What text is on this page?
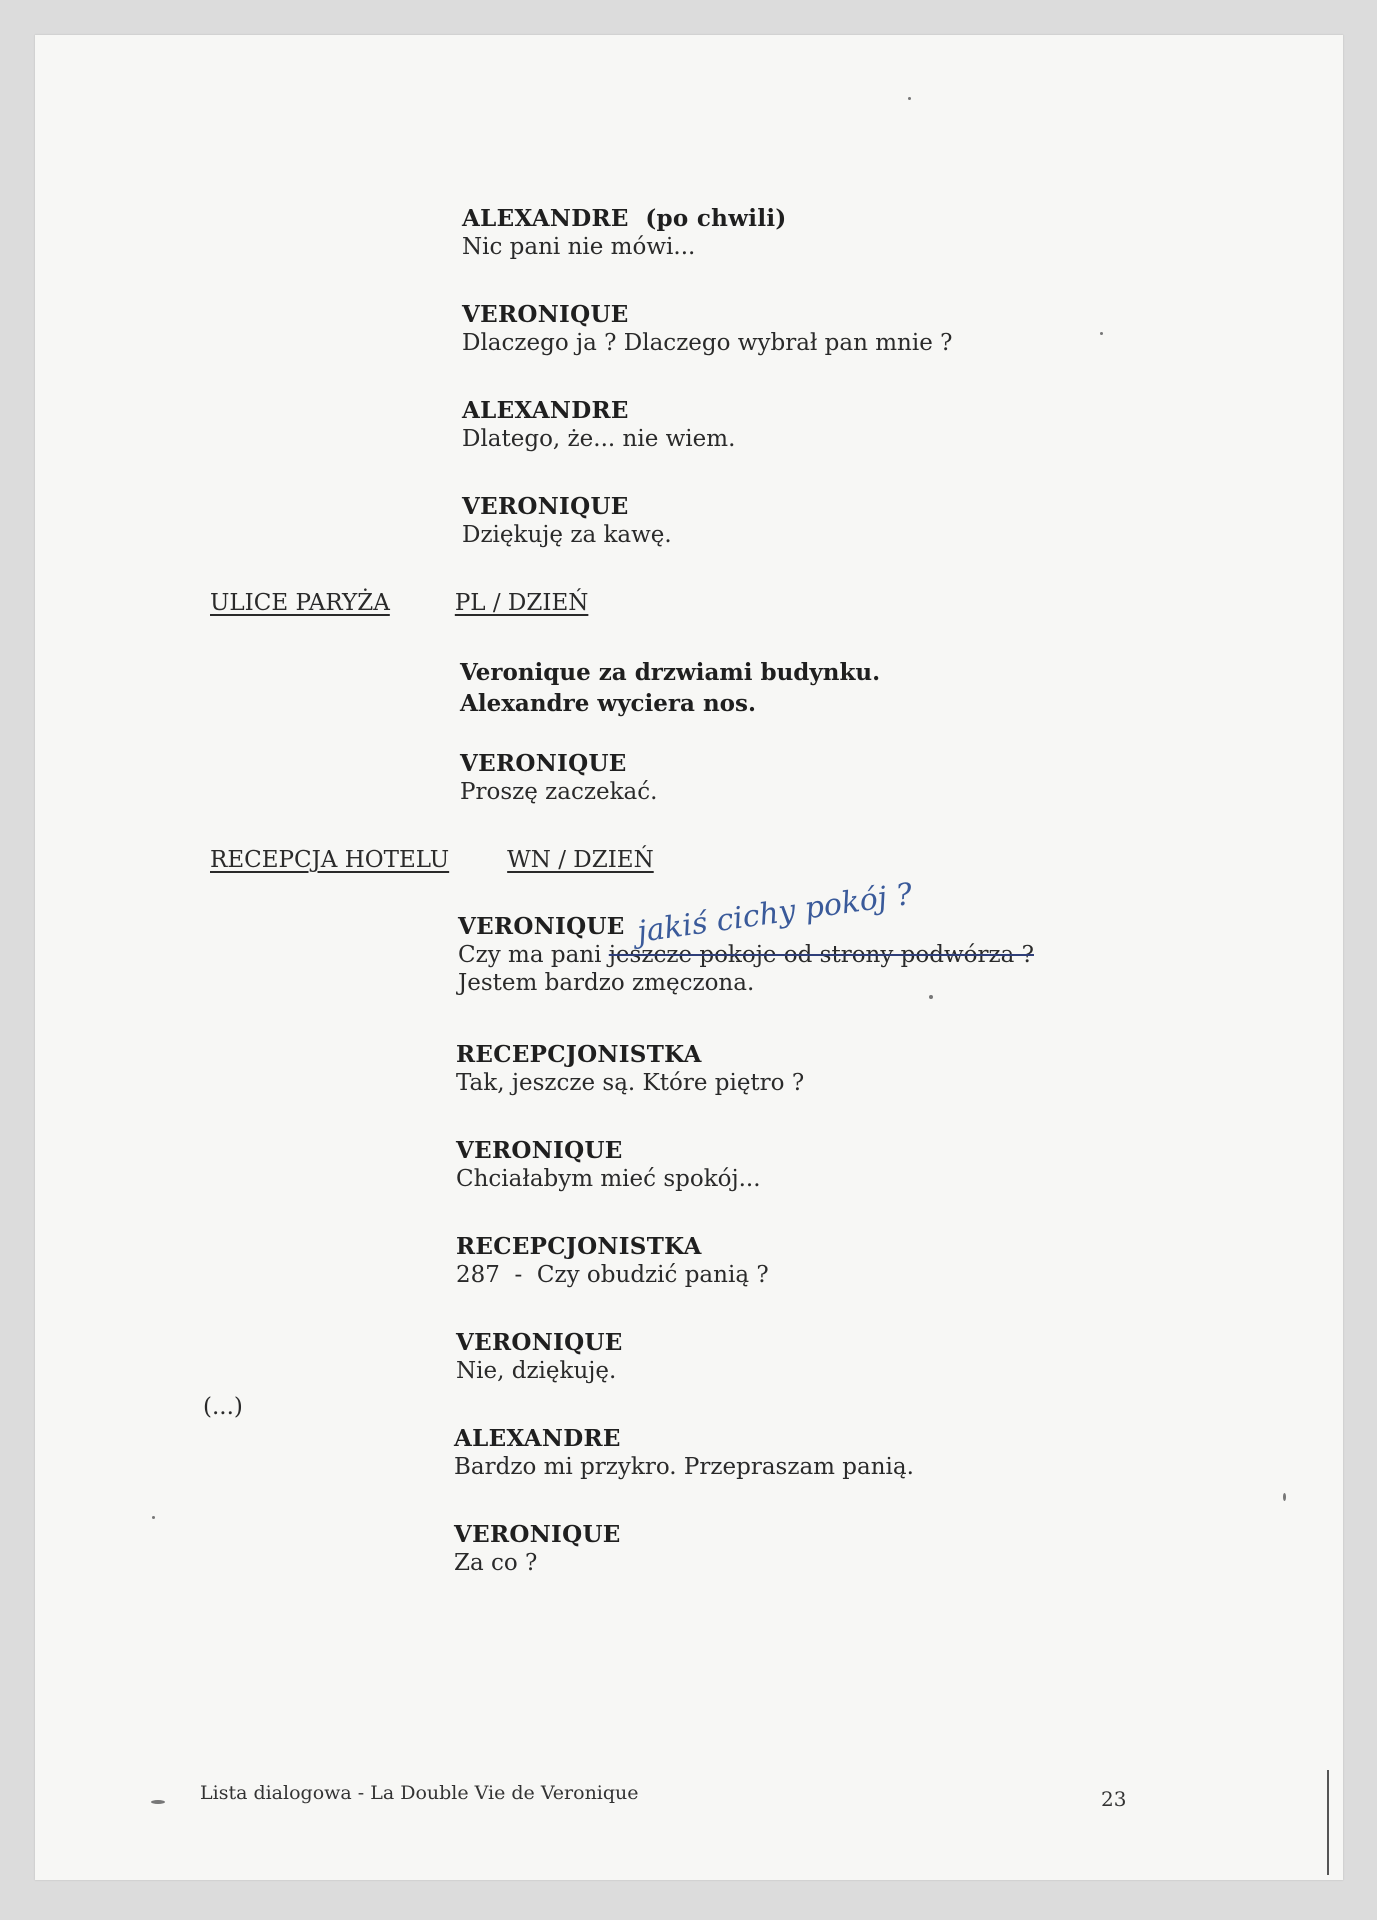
ALEXANDRE (po chwili)
Nic pani nie mówi...
VERONIQUE
Dlaczego ja ? Dlaczego wybrał pan mnie ?
ALEXANDRE
Dlatego, że... nie wiem.
VERONIQUE
Dziękuję za kawę.
ULICE PARYŻA	PL / DZIEŃ
Veronique za drzwiami budynku.
Alexandre wyciera nos.
VERONIQUE
Proszę zaczekać.
RECEPCJA HOTELU	WN / DZIEŃ
VERONIQUE
Czy ma pani jeszcze pokoje od strony podwórza ?
Jestem bardzo zmęczona.
jakiś cichy pokój ?
RECEPCJONISTKA
Tak, jeszcze są. Które piętro ?
VERONIQUE
Chciałabym mieć spokój...
RECEPCJONISTKA
287  -  Czy obudzić panią ?
VERONIQUE
Nie, dziękuję.
(...)
ALEXANDRE
Bardzo mi przykro. Przepraszam panią.
VERONIQUE
Za co ?
Lista dialogowa - La Double Vie de Veronique	23
